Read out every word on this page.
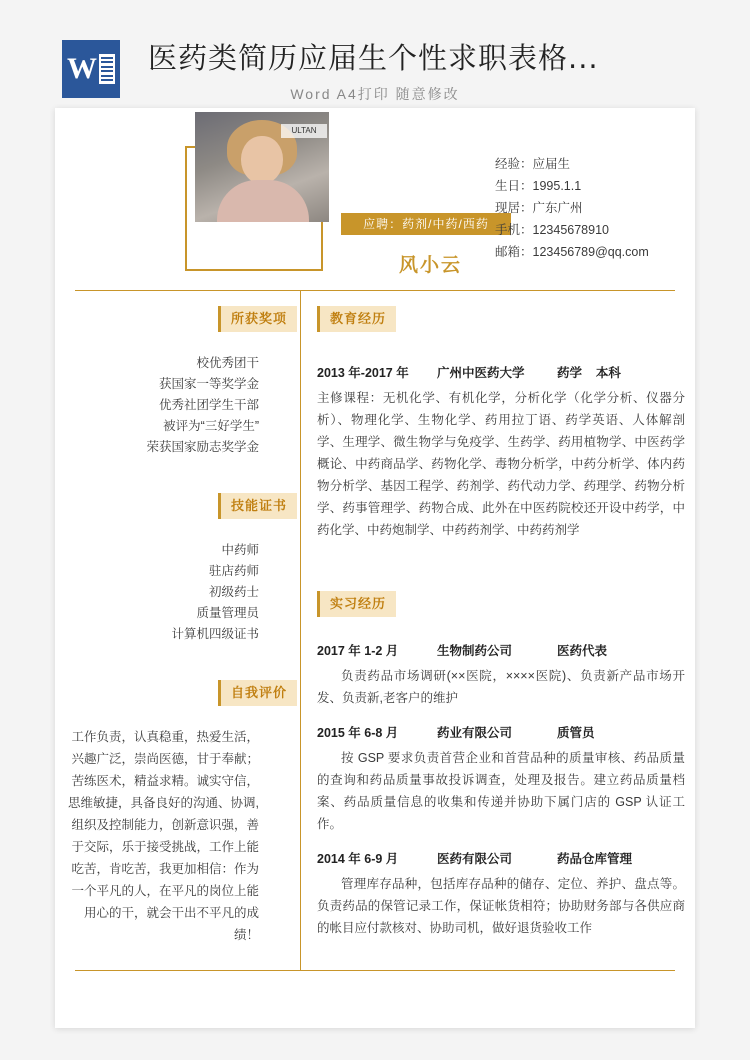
W 医药类简历应届生个性求职表格...
Word A4打印 随意修改
ULTAN
风小云
应聘：药剂/中药/西药
经验：应届生
生日：1995.1.1
现居：广东广州
手机：12345678910
邮箱：123456789@qq.com
所获奖项
校优秀团干
获国家一等奖学金
优秀社团学生干部
被评为“三好学生”
荣获国家励志奖学金
技能证书
中药师
驻店药师
初级药士
质量管理员
计算机四级证书
自我评价
工作负责，认真稳重，热爱生活，兴趣广泛，崇尚医德，甘于奉献；苦练医术，精益求精。诚实守信，思维敏捷，具备良好的沟通、协调,组织及控制能力，创新意识强，善于交际，乐于接受挑战，工作上能吃苦，肯吃苦，我更加相信：作为一个平凡的人，在平凡的岗位上能用心的干，就会干出不平凡的成绩！
教育经历
2013 年-2017 年 广州中医药大学	药学 本科
主修课程：无机化学、有机化学，分析化学（化学分析、仪器分析）、物理化学、生物化学、药用拉丁语、药学英语、人体解剖学、生理学、微生物学与免疫学、生药学、药用植物学、中医药学概论、中药商品学、药物化学、毒物分析学，中药分析学、体内药物分析学、基因工程学、药剂学、药代动力学、药理学、药物分析学、药事管理学、药物合成、此外在中医药院校还开设中药学，中药化学、中药炮制学、中药药剂学、中药药剂学
实习经历
2017 年 1-2 月	生物制药公司	医药代表
负责药品市场调研(××医院，××××医院)、负责新产品市场开发、负责新,老客户的维护
2015 年 6-8 月	药业有限公司	质管员
按 GSP 要求负责首营企业和首营品种的质量审核、药品质量的查询和药品质量事故投诉调查，处理及报告。建立药品质量档案、药品质量信息的收集和传递并协助下属门店的 GSP 认证工作。
2014 年 6-9 月	医药有限公司	药品仓库管理
管理库存品种，包括库存品种的储存、定位、养护、盘点等。负责药品的保管记录工作，保证帐货相符；协助财务部与各供应商的帐目应付款核对、协助司机，做好退货验收工作
